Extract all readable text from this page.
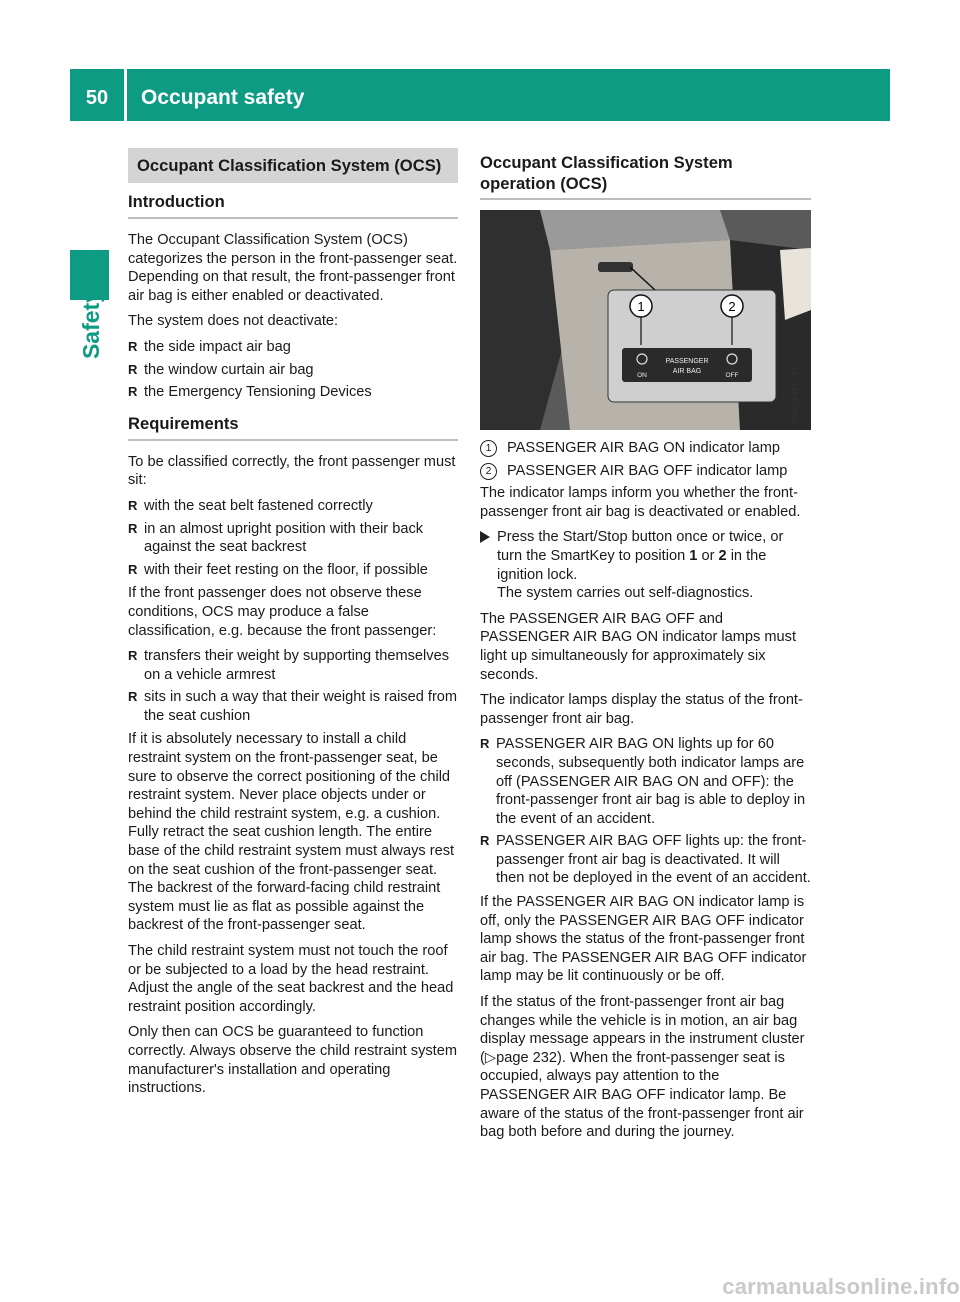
50	Occupant safety
Safety
Occupant Classification System (OCS)
Introduction

The Occupant Classification System (OCS) categorizes the person in the front-passenger seat. Depending on that result, the front-passenger front air bag is either enabled or deactivated.

The system does not deactivate:

R the side impact air bag
R the window curtain air bag
R the Emergency Tensioning Devices
Requirements

To be classified correctly, the front passenger must sit:

R with the seat belt fastened correctly
R in an almost upright position with their back against the seat backrest
R with their feet resting on the floor, if possible

If the front passenger does not observe these conditions, OCS may produce a false classification, e.g. because the front passenger:

R transfers their weight by supporting themselves on a vehicle armrest
R sits in such a way that their weight is raised from the seat cushion

If it is absolutely necessary to install a child restraint system on the front-passenger seat, be sure to observe the correct positioning of the child restraint system. Never place objects under or behind the child restraint system, e.g. a cushion. Fully retract the seat cushion length. The entire base of the child restraint system must always rest on the seat cushion of the front-passenger seat. The backrest of the forward-facing child restraint system must lie as flat as possible against the backrest of the front-passenger seat.

The child restraint system must not touch the roof or be subjected to a load by the head restraint. Adjust the angle of the seat backrest and the head restraint position accordingly.

Only then can OCS be guaranteed to function correctly. Always observe the child restraint system manufacturer's installation and operating instructions.

Occupant Classification System operation (OCS)
1	2
ON
PASSENGER
AIR BAG
OFF	P68.10-4773-31
1	PASSENGER AIR BAG ON indicator lamp
2	PASSENGER AIR BAG OFF indicator lamp

The indicator lamps inform you whether the front-passenger front air bag is deactivated or enabled.

Press the Start/Stop button once or twice, or turn the SmartKey to position 1 or 2 in the ignition lock.
The system carries out self-diagnostics.

The PASSENGER AIR BAG OFF and PASSENGER AIR BAG ON indicator lamps must light up simultaneously for approximately six seconds.

The indicator lamps display the status of the front-passenger front air bag.

R PASSENGER AIR BAG ON lights up for 60 seconds, subsequently both indicator lamps are off (PASSENGER AIR BAG ON and OFF): the front-passenger front air bag is able to deploy in the event of an accident.
R PASSENGER AIR BAG OFF lights up: the front-passenger front air bag is deactivated. It will then not be deployed in the event of an accident.

If the PASSENGER AIR BAG ON indicator lamp is off, only the PASSENGER AIR BAG OFF indicator lamp shows the status of the front-passenger front air bag. The PASSENGER AIR BAG OFF indicator lamp may be lit continuously or be off.

If the status of the front-passenger front air bag changes while the vehicle is in motion, an air bag display message appears in the instrument cluster (▷page 232). When the front-passenger seat is occupied, always pay attention to the PASSENGER AIR BAG OFF indicator lamp. Be aware of the status of the front-passenger front air bag both before and during the journey.

carmanualsonline.info
